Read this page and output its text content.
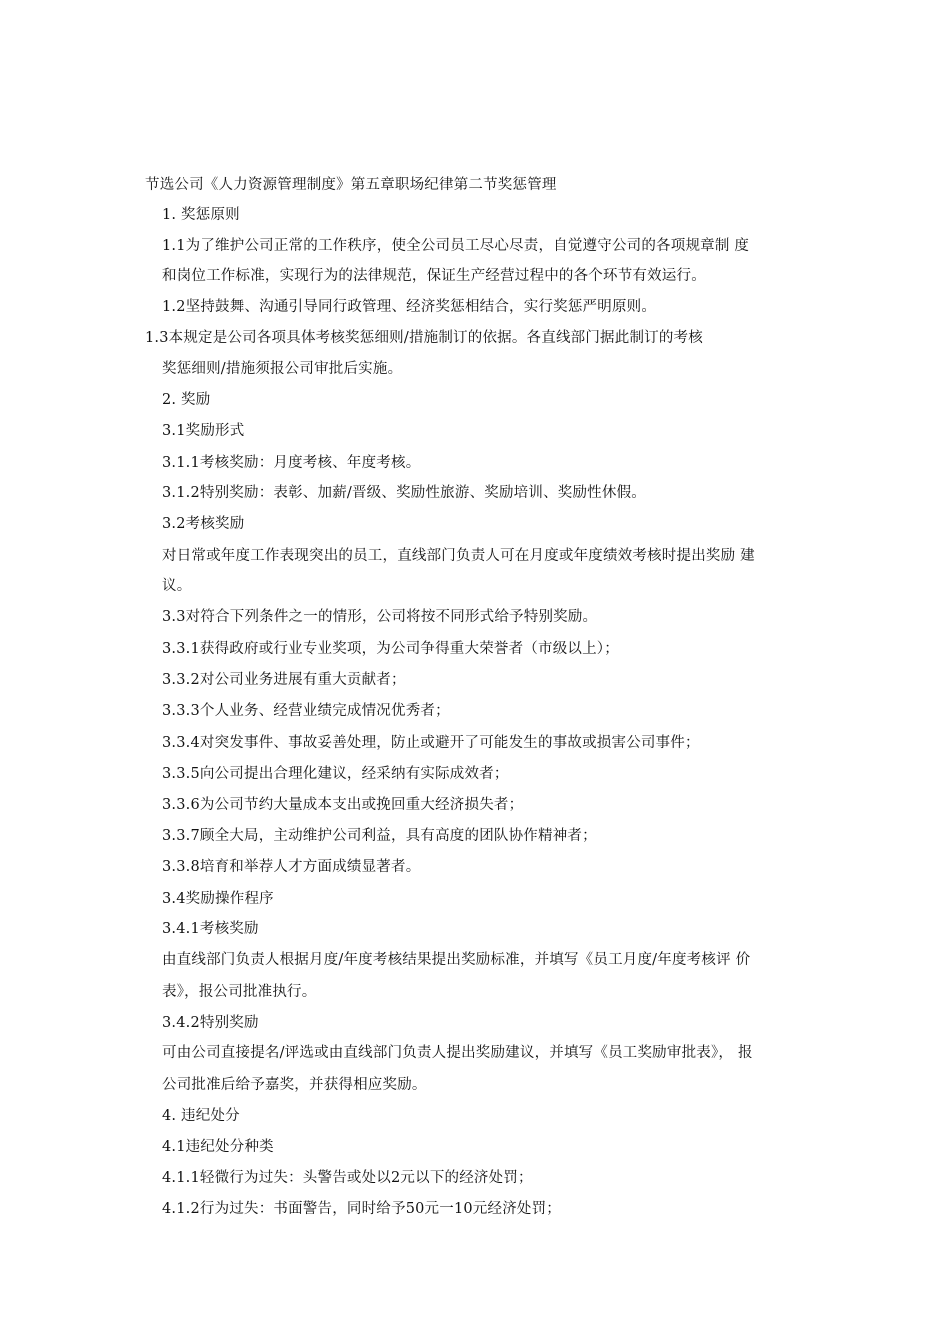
节选公司《人力资源管理制度》第五章职场纪律第二节奖惩管理
1. 奖惩原则
1.1为了维护公司正常的工作秩序，使全公司员工尽心尽责，自觉遵守公司的各项规章制 度
和岗位工作标准，实现行为的法律规范，保证生产经营过程中的各个环节有效运行。
1.2坚持鼓舞、沟通引导同行政管理、经济奖惩相结合，实行奖惩严明原则。
1.3本规定是公司各项具体考核奖惩细则/措施制订的依据。各直线部门据此制订的考核
奖惩细则/措施须报公司审批后实施。
2. 奖励
3.1奖励形式
3.1.1考核奖励：月度考核、年度考核。
3.1.2特别奖励：表彰、加薪/晋级、奖励性旅游、奖励培训、奖励性休假。
3.2考核奖励
对日常或年度工作表现突出的员工，直线部门负责人可在月度或年度绩效考核时提出奖励 建
议。
3.3对符合下列条件之一的情形，公司将按不同形式给予特别奖励。
3.3.1获得政府或行业专业奖项，为公司争得重大荣誉者（市级以上）；
3.3.2对公司业务进展有重大贡献者；
3.3.3个人业务、经营业绩完成情况优秀者；
3.3.4对突发事件、事故妥善处理，防止或避开了可能发生的事故或损害公司事件；
3.3.5向公司提出合理化建议，经采纳有实际成效者；
3.3.6为公司节约大量成本支出或挽回重大经济损失者；
3.3.7顾全大局，主动维护公司利益，具有高度的团队协作精神者；
3.3.8培育和举荐人才方面成绩显著者。
3.4奖励操作程序
3.4.1考核奖励
由直线部门负责人根据月度/年度考核结果提出奖励标准，并填写《员工月度/年度考核评 价
表》，报公司批准执行。
3.4.2特别奖励
可由公司直接提名/评选或由直线部门负责人提出奖励建议，并填写《员工奖励审批表》， 报
公司批准后给予嘉奖，并获得相应奖励。
4. 违纪处分
4.1违纪处分种类
4.1.1轻微行为过失：头警告或处以2元以下的经济处罚；
4.1.2行为过失：书面警告，同时给予50元一10元经济处罚；
